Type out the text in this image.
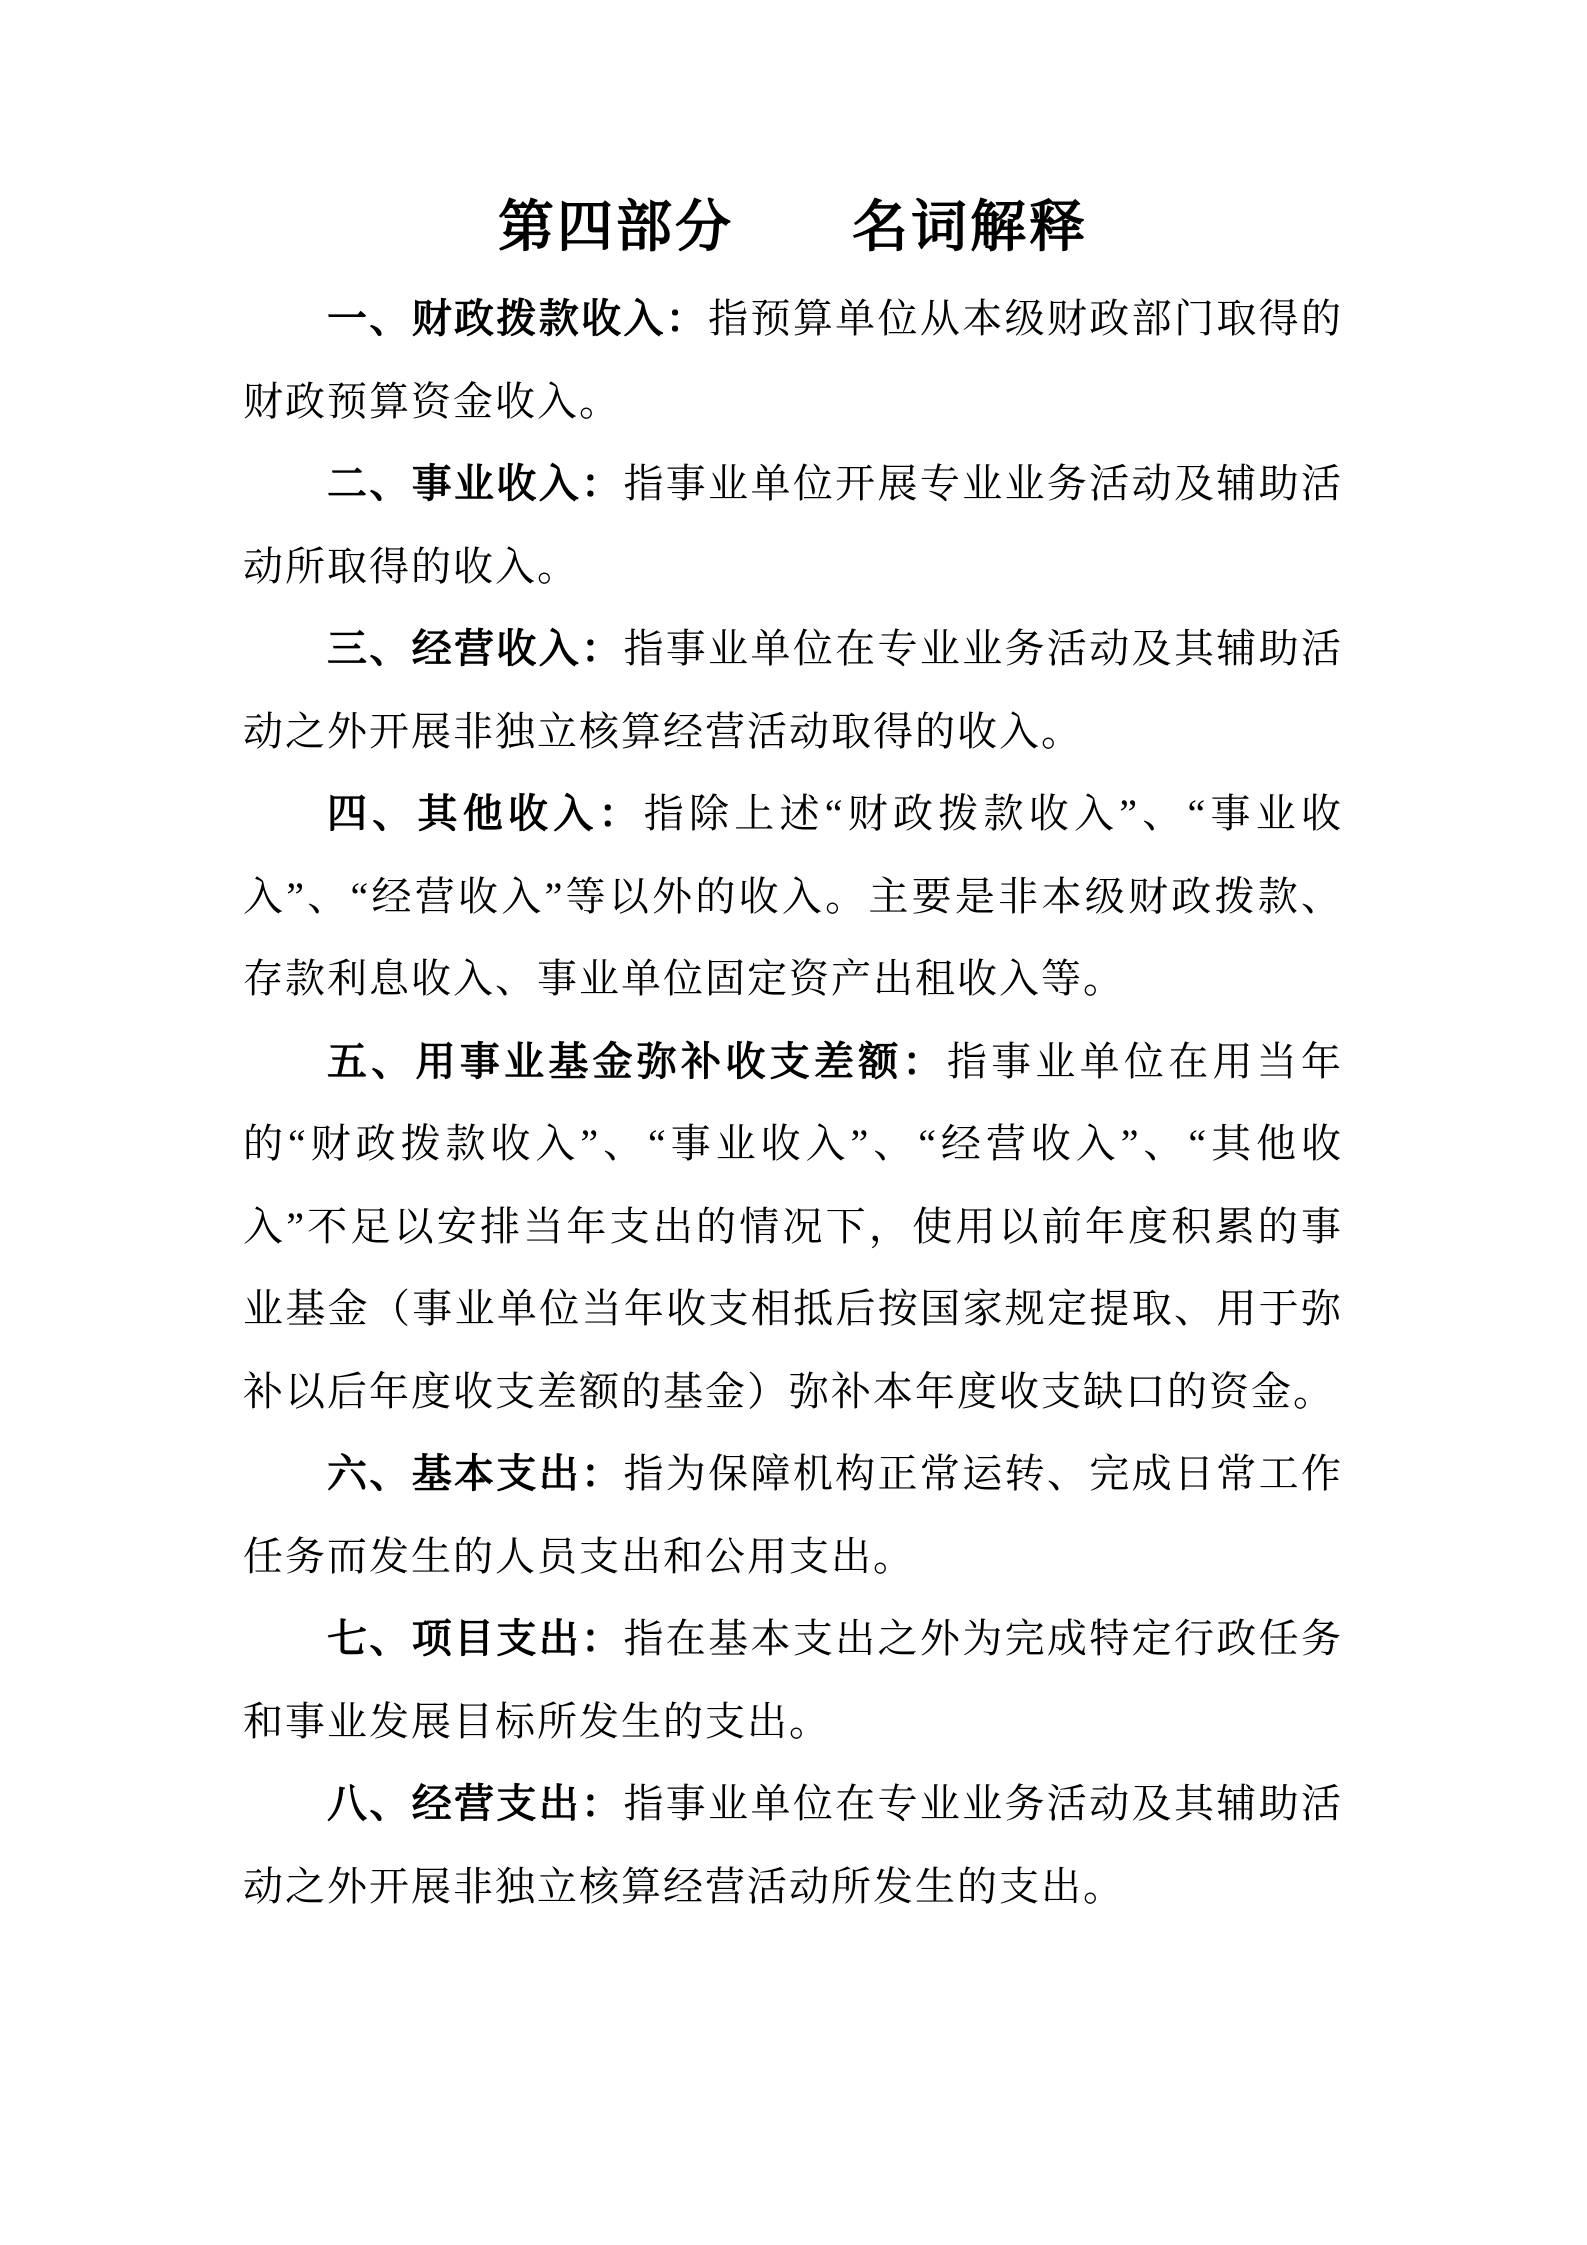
第四部分　　名词解释

一、财政拨款收入：指预算单位从本级财政部门取得的财政预算资金收入。

二、事业收入：指事业单位开展专业业务活动及辅助活动所取得的收入。

三、经营收入：指事业单位在专业业务活动及其辅助活动之外开展非独立核算经营活动取得的收入。

四、其他收入：指除上述“财政拨款收入”、“事业收入”、“经营收入”等以外的收入。主要是非本级财政拨款、存款利息收入、事业单位固定资产出租收入等。

五、用事业基金弥补收支差额：指事业单位在用当年的“财政拨款收入”、“事业收入”、“经营收入”、“其他收入”不足以安排当年支出的情况下，使用以前年度积累的事业基金（事业单位当年收支相抵后按国家规定提取、用于弥补以后年度收支差额的基金）弥补本年度收支缺口的资金。

六、基本支出：指为保障机构正常运转、完成日常工作任务而发生的人员支出和公用支出。

七、项目支出：指在基本支出之外为完成特定行政任务和事业发展目标所发生的支出。

八、经营支出：指事业单位在专业业务活动及其辅助活动之外开展非独立核算经营活动所发生的支出。
